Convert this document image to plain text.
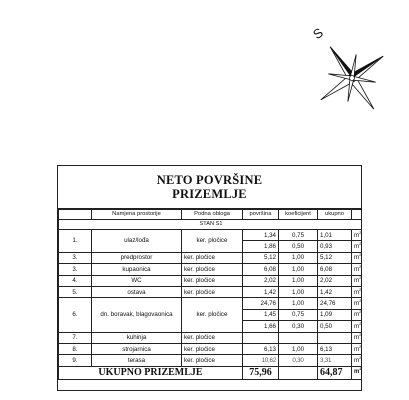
S
NETO POVRŠINE
PRIZEMLJE
	Namjena prostorije	Podna obloga	površina	koeficijent	ukupno	
STAN S1						
1.	ulaz/lođa	ker. pločice	1,34	0,75	1,01	$m^2$
			1,86	0,50	0,93	$m^2$
3.	predprostor	ker. pločice	5,12	1,00	5,12	$m^2$
3.	kupaonica	ker. pločice	6,08	1,00	6,08	$m^2$
4.	WC	ker. pločice	2,02	1,00	2,02	$m^2$
5.	ostava	ker. pločice	1,42	1,00	1,42	$m^2$
6.	dn. boravak, blagovaonica	ker. pločice	24,76	1,00	24,76	$m^2$
			1,45	0,75	1,09	$m^2$
			1,66	0,30	0,50	$m^2$
7.	kuhinja	ker. pločice				$m^2$
8.	strojarnica	ker. pločice	6,13	1,00	6,13	$m^2$
9.	terasa	ker. pločice	10,62	0,30	3,31	$m^2$
UKUPNO PRIZEMLJE			75,96		64,87	$m^2$
